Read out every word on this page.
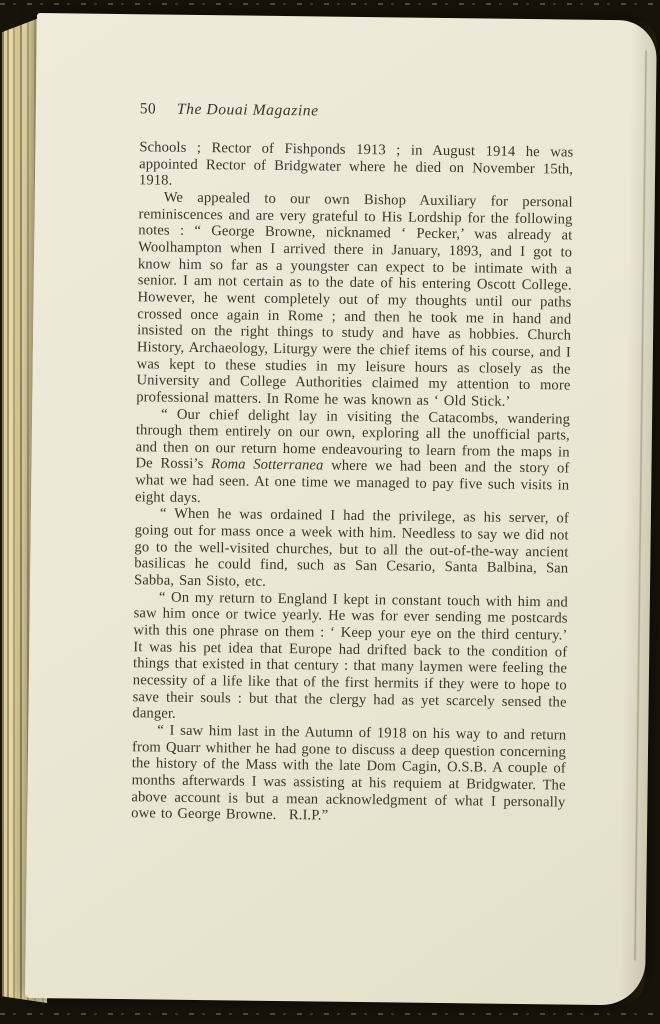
50 The Douai Magazine

Schools ; Rector of Fishponds 1913 ; in August 1914 he was appointed Rector of Bridgwater where he died on November 15th, 1918.

We appealed to our own Bishop Auxiliary for personal reminiscences and are very grateful to His Lordship for the following notes : “ George Browne, nicknamed ‘ Pecker,’ was already at Woolhampton when I arrived there in January, 1893, and I got to know him so far as a youngster can expect to be intimate with a senior. I am not certain as to the date of his entering Oscott College. However, he went completely out of my thoughts until our paths crossed once again in Rome ; and then he took me in hand and insisted on the right things to study and have as hobbies. Church History, Archaeology, Liturgy were the chief items of his course, and I was kept to these studies in my leisure hours as closely as the University and College Authorities claimed my attention to more professional matters. In Rome he was known as ‘ Old Stick.’

“ Our chief delight lay in visiting the Catacombs, wandering through them entirely on our own, exploring all the unofficial parts, and then on our return home endeavouring to learn from the maps in De Rossi’s Roma Sotterranea where we had been and the story of what we had seen. At one time we managed to pay five such visits in eight days.

“ When he was ordained I had the privilege, as his server, of going out for mass once a week with him. Needless to say we did not go to the well-visited churches, but to all the out-of-the-way ancient basilicas he could find, such as San Cesario, Santa Balbina, San Sabba, San Sisto, etc.

“ On my return to England I kept in constant touch with him and saw him once or twice yearly. He was for ever sending me postcards with this one phrase on them : ‘ Keep your eye on the third century.’ It was his pet idea that Europe had drifted back to the condition of things that existed in that century : that many laymen were feeling the necessity of a life like that of the first hermits if they were to hope to save their souls : but that the clergy had as yet scarcely sensed the danger.

“ I saw him last in the Autumn of 1918 on his way to and return from Quarr whither he had gone to discuss a deep question concerning the history of the Mass with the late Dom Cagin, O.S.B. A couple of months afterwards I was assisting at his requiem at Bridgwater. The above account is but a mean acknowledgment of what I personally owe to George Browne.  R.I.P.”
